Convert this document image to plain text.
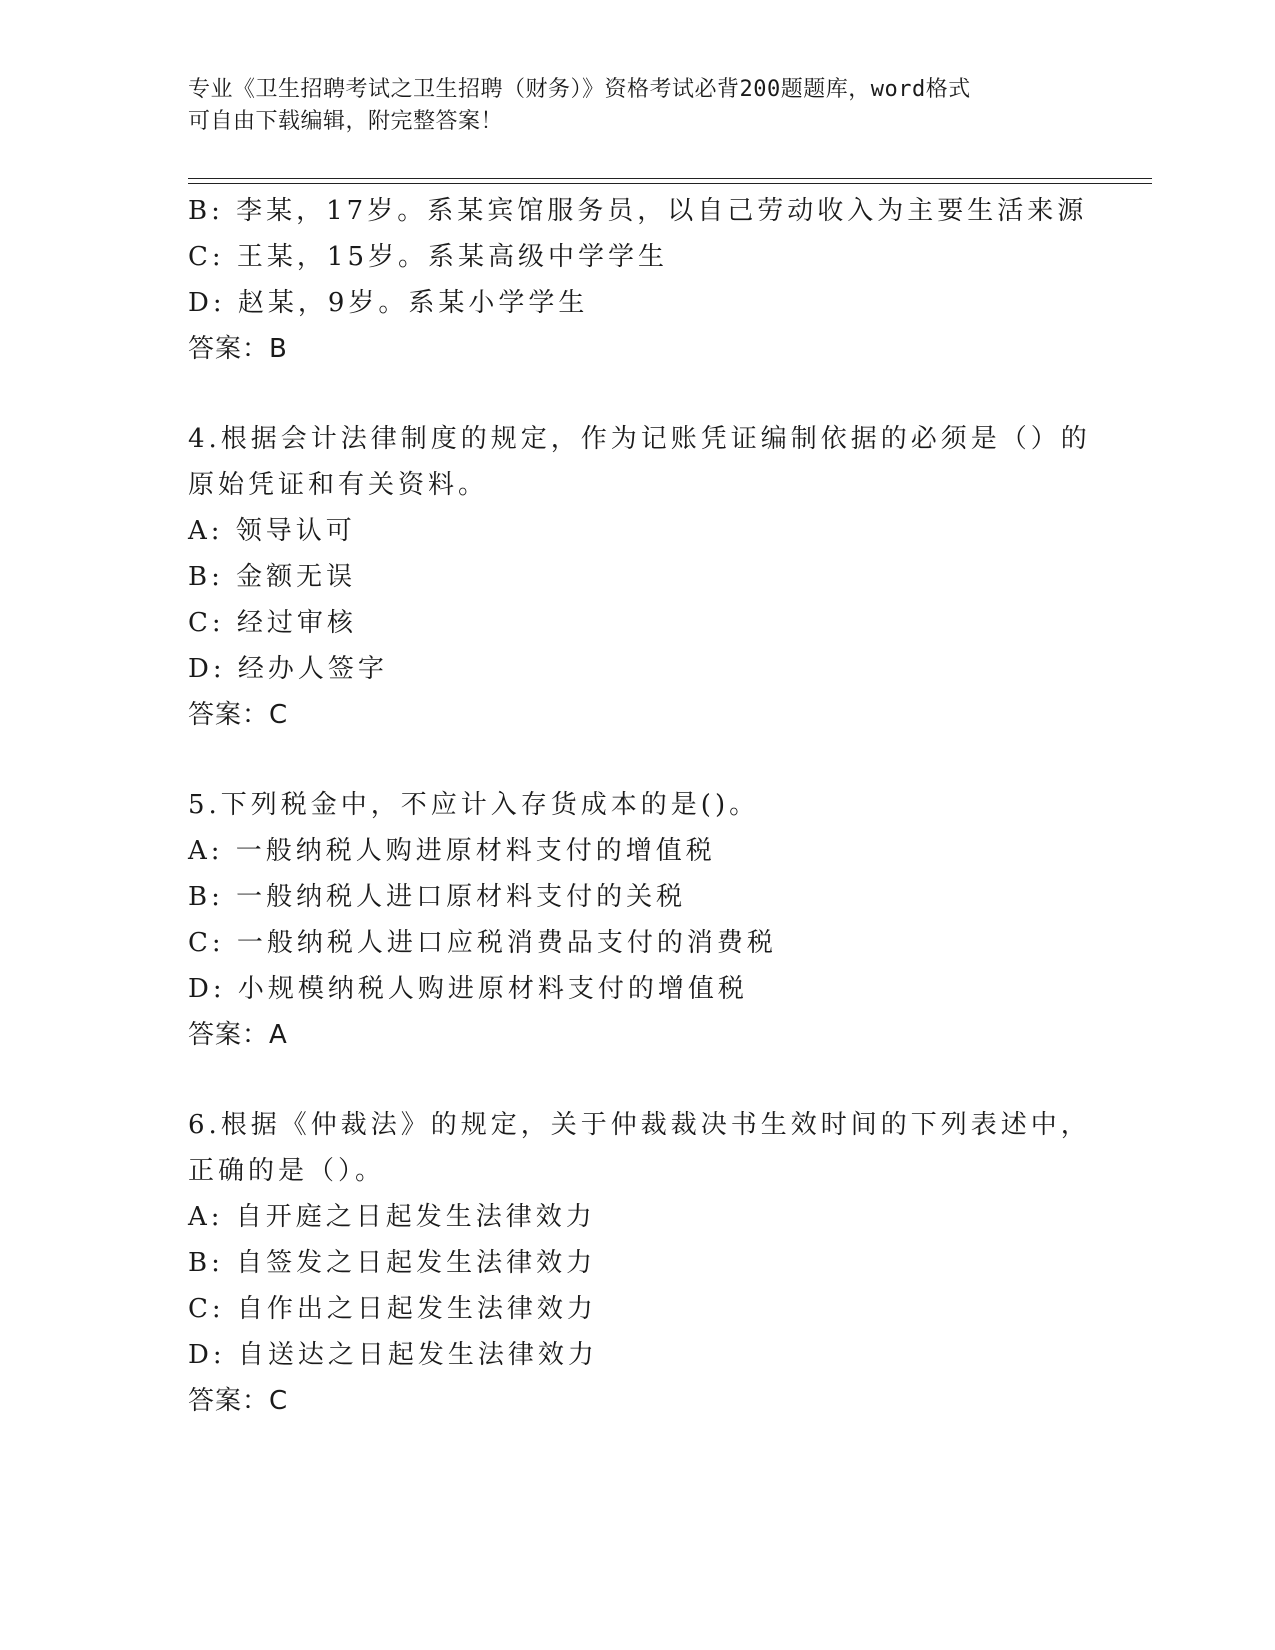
专业《卫生招聘考试之卫生招聘（财务）》资格考试必背200题题库，word格式
可自由下载编辑，附完整答案！
B: 李某，17岁。系某宾馆服务员，以自己劳动收入为主要生活来源
C: 王某，15岁。系某高级中学学生
D: 赵某，9岁。系某小学学生
答案：B
4.根据会计法律制度的规定，作为记账凭证编制依据的必须是（）的
原始凭证和有关资料。
A: 领导认可
B: 金额无误
C: 经过审核
D: 经办人签字
答案：C
5.下列税金中，不应计入存货成本的是()。
A: 一般纳税人购进原材料支付的增值税
B: 一般纳税人进口原材料支付的关税
C: 一般纳税人进口应税消费品支付的消费税
D: 小规模纳税人购进原材料支付的增值税
答案：A
6.根据《仲裁法》的规定，关于仲裁裁决书生效时间的下列表述中，
正确的是（）。
A: 自开庭之日起发生法律效力
B: 自签发之日起发生法律效力
C: 自作出之日起发生法律效力
D: 自送达之日起发生法律效力
答案：C
